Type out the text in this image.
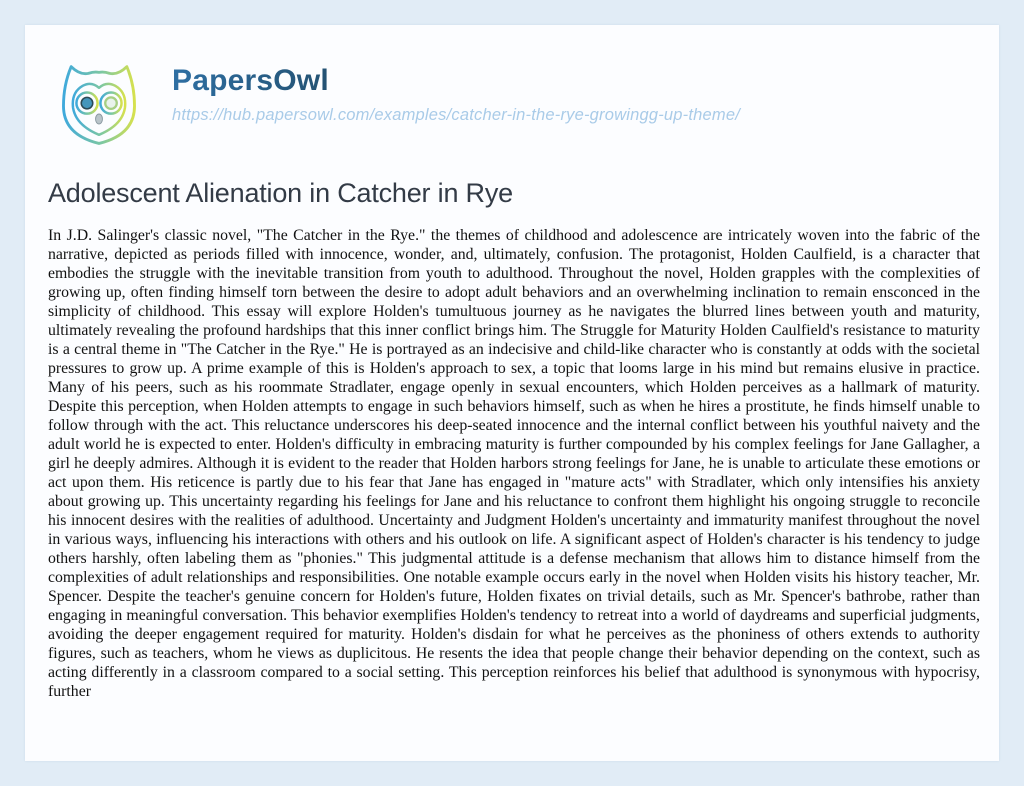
PapersOwl
https://hub.papersowl.com/examples/catcher-in-the-rye-growingg-up-theme/
Adolescent Alienation in Catcher in Rye
In J.D. Salinger's classic novel, "The Catcher in the Rye." the themes of childhood and adolescence are intricately woven into the fabric of the narrative, depicted as periods filled with innocence, wonder, and, ultimately, confusion. The protagonist, Holden Caulfield, is a character that embodies the struggle with the inevitable transition from youth to adulthood. Throughout the novel, Holden grapples with the complexities of growing up, often finding himself torn between the desire to adopt adult behaviors and an overwhelming inclination to remain ensconced in the simplicity of childhood. This essay will explore Holden's tumultuous journey as he navigates the blurred lines between youth and maturity, ultimately revealing the profound hardships that this inner conflict brings him. The Struggle for Maturity Holden Caulfield's resistance to maturity is a central theme in "The Catcher in the Rye." He is portrayed as an indecisive and child-like character who is constantly at odds with the societal pressures to grow up. A prime example of this is Holden's approach to sex, a topic that looms large in his mind but remains elusive in practice. Many of his peers, such as his roommate Stradlater, engage openly in sexual encounters, which Holden perceives as a hallmark of maturity. Despite this perception, when Holden attempts to engage in such behaviors himself, such as when he hires a prostitute, he finds himself unable to follow through with the act. This reluctance underscores his deep-seated innocence and the internal conflict between his youthful naivety and the adult world he is expected to enter. Holden's difficulty in embracing maturity is further compounded by his complex feelings for Jane Gallagher, a girl he deeply admires. Although it is evident to the reader that Holden harbors strong feelings for Jane, he is unable to articulate these emotions or act upon them. His reticence is partly due to his fear that Jane has engaged in "mature acts" with Stradlater, which only intensifies his anxiety about growing up. This uncertainty regarding his feelings for Jane and his reluctance to confront them highlight his ongoing struggle to reconcile his innocent desires with the realities of adulthood. Uncertainty and Judgment Holden's uncertainty and immaturity manifest throughout the novel in various ways, influencing his interactions with others and his outlook on life. A significant aspect of Holden's character is his tendency to judge others harshly, often labeling them as "phonies." This judgmental attitude is a defense mechanism that allows him to distance himself from the complexities of adult relationships and responsibilities. One notable example occurs early in the novel when Holden visits his history teacher, Mr. Spencer. Despite the teacher's genuine concern for Holden's future, Holden fixates on trivial details, such as Mr. Spencer's bathrobe, rather than engaging in meaningful conversation. This behavior exemplifies Holden's tendency to retreat into a world of daydreams and superficial judgments, avoiding the deeper engagement required for maturity. Holden's disdain for what he perceives as the phoniness of others extends to authority figures, such as teachers, whom he views as duplicitous. He resents the idea that people change their behavior depending on the context, such as acting differently in a classroom compared to a social setting. This perception reinforces his belief that adulthood is synonymous with hypocrisy, further
